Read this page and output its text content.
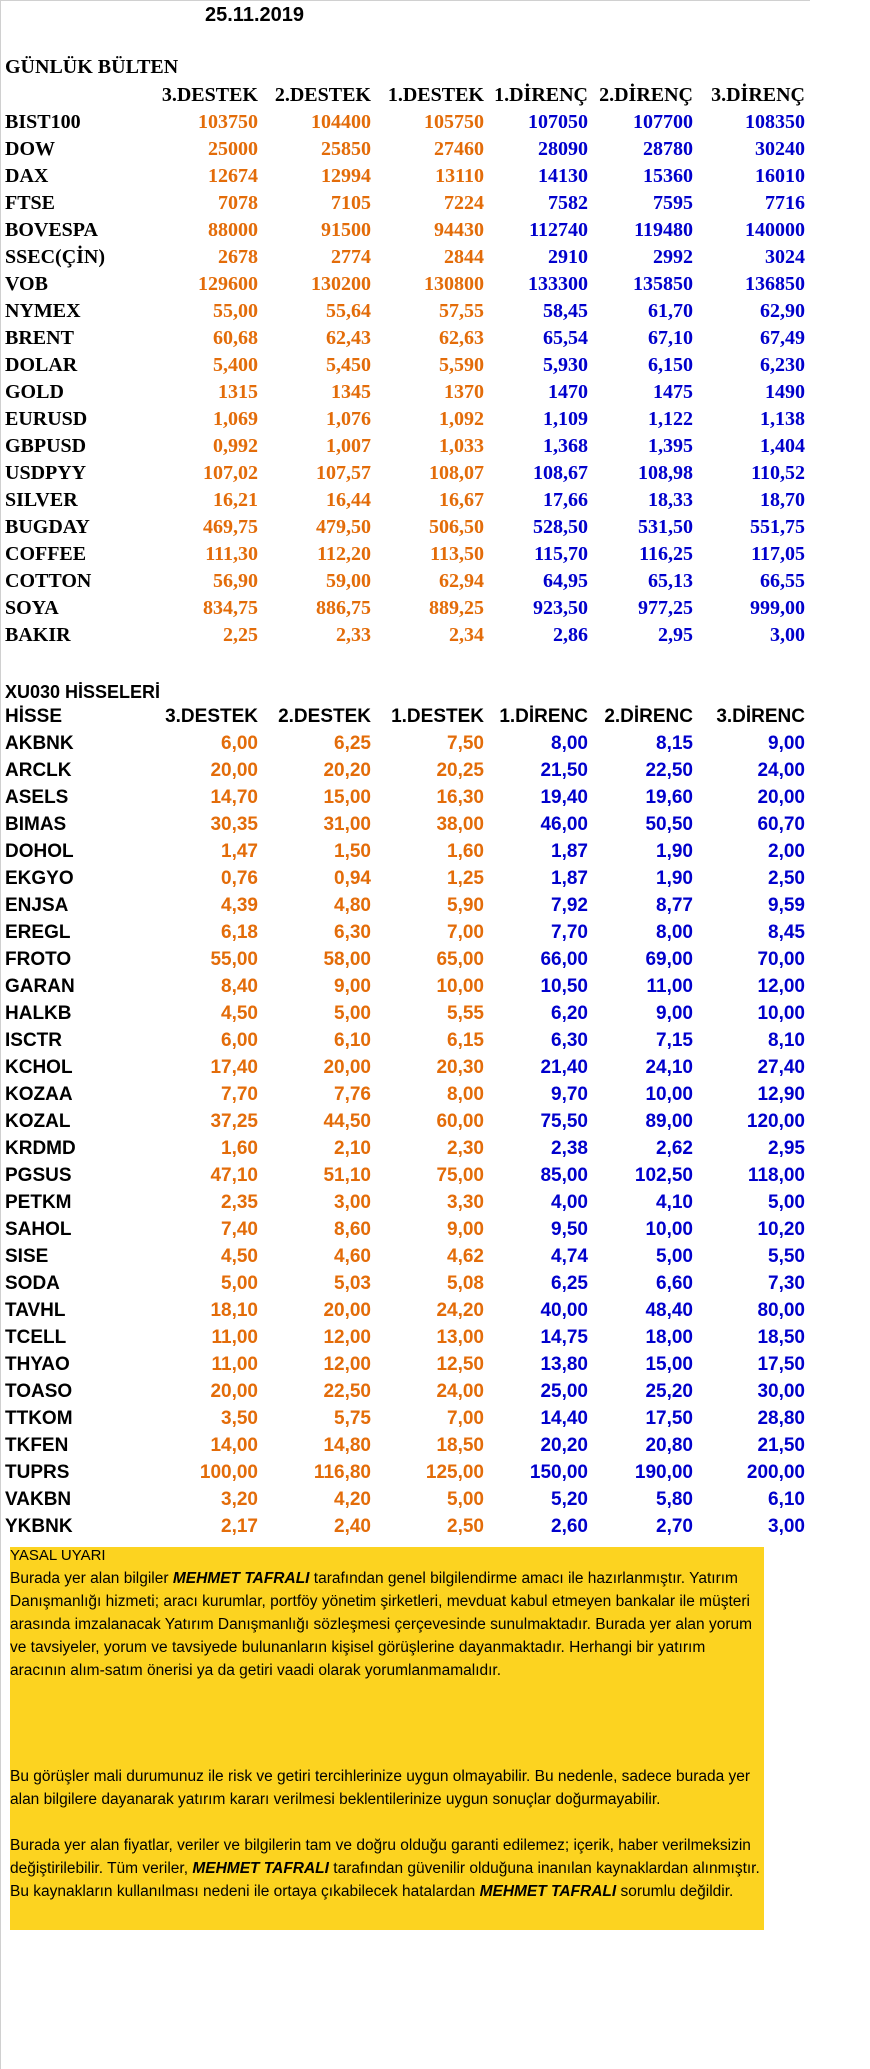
25.11.2019
GÜNLÜK BÜLTEN
3.DESTEK 2.DESTEK 1.DESTEK 1.DİRENÇ 2.DİRENÇ 3.DİRENÇ
BIST100	103750	104400	105750	107050	107700	108350
DOW	25000	25850	27460	28090	28780	30240
DAX	12674	12994	13110	14130	15360	16010
FTSE	7078	7105	7224	7582	7595	7716
BOVESPA	88000	91500	94430	112740	119480	140000
SSEC(ÇİN)	2678	2774	2844	2910	2992	3024
VOB	129600	130200	130800	133300	135850	136850
NYMEX	55,00	55,64	57,55	58,45	61,70	62,90
BRENT	60,68	62,43	62,63	65,54	67,10	67,49
DOLAR	5,400	5,450	5,590	5,930	6,150	6,230
GOLD	1315	1345	1370	1470	1475	1490
EURUSD	1,069	1,076	1,092	1,109	1,122	1,138
GBPUSD	0,992	1,007	1,033	1,368	1,395	1,404
USDPYY	107,02	107,57	108,07	108,67	108,98	110,52
SILVER	16,21	16,44	16,67	17,66	18,33	18,70
BUGDAY	469,75	479,50	506,50	528,50	531,50	551,75
COFFEE	111,30	112,20	113,50	115,70	116,25	117,05
COTTON	56,90	59,00	62,94	64,95	65,13	66,55
SOYA	834,75	886,75	889,25	923,50	977,25	999,00
BAKIR	2,25	2,33	2,34	2,86	2,95	3,00
XU030 HİSSELERİ
HİSSE	3.DESTEK	2.DESTEK	1.DESTEK 1.DİRENC 2.DİRENC	3.DİRENC
AKBNK	6,00	6,25	7,50	8,00	8,15	9,00
ARCLK	20,00	20,20	20,25	21,50	22,50	24,00
ASELS	14,70	15,00	16,30	19,40	19,60	20,00
BIMAS	30,35	31,00	38,00	46,00	50,50	60,70
DOHOL	1,47	1,50	1,60	1,87	1,90	2,00
EKGYO	0,76	0,94	1,25	1,87	1,90	2,50
ENJSA	4,39	4,80	5,90	7,92	8,77	9,59
EREGL	6,18	6,30	7,00	7,70	8,00	8,45
FROTO	55,00	58,00	65,00	66,00	69,00	70,00
GARAN	8,40	9,00	10,00	10,50	11,00	12,00
HALKB	4,50	5,00	5,55	6,20	9,00	10,00
ISCTR	6,00	6,10	6,15	6,30	7,15	8,10
KCHOL	17,40	20,00	20,30	21,40	24,10	27,40
KOZAA	7,70	7,76	8,00	9,70	10,00	12,90
KOZAL	37,25	44,50	60,00	75,50	89,00	120,00
KRDMD	1,60	2,10	2,30	2,38	2,62	2,95
PGSUS	47,10	51,10	75,00	85,00	102,50	118,00
PETKM	2,35	3,00	3,30	4,00	4,10	5,00
SAHOL	7,40	8,60	9,00	9,50	10,00	10,20
SISE	4,50	4,60	4,62	4,74	5,00	5,50
SODA	5,00	5,03	5,08	6,25	6,60	7,30
TAVHL	18,10	20,00	24,20	40,00	48,40	80,00
TCELL	11,00	12,00	13,00	14,75	18,00	18,50
THYAO	11,00	12,00	12,50	13,80	15,00	17,50
TOASO	20,00	22,50	24,00	25,00	25,20	30,00
TTKOM	3,50	5,75	7,00	14,40	17,50	28,80
TKFEN	14,00	14,80	18,50	20,20	20,80	21,50
TUPRS	100,00	116,80	125,00	150,00	190,00	200,00
VAKBN	3,20	4,20	5,00	5,20	5,80	6,10
YKBNK	2,17	2,40	2,50	2,60	2,70	3,00
YASAL UYARI

Burada yer alan bilgiler MEHMET TAFRALI tarafından genel bilgilendirme amacı ile hazırlanmıştır. Yatırım Danışmanlığı hizmeti; aracı kurumlar, portföy yönetim şirketleri, mevduat kabul etmeyen bankalar ile müşteri arasında imzalanacak Yatırım Danışmanlığı sözleşmesi çerçevesinde sunulmaktadır. Burada yer alan yorum ve tavsiyeler, yorum ve tavsiyede bulunanların kişisel görüşlerine dayanmaktadır. Herhangi bir yatırım aracının alım-satım önerisi ya da getiri vaadi olarak yorumlanmamalıdır.

Bu görüşler mali durumunuz ile risk ve getiri tercihlerinize uygun olmayabilir. Bu nedenle, sadece burada yer alan bilgilere dayanarak yatırım kararı verilmesi beklentilerinize uygun sonuçlar doğurmayabilir.

Burada yer alan fiyatlar, veriler ve bilgilerin tam ve doğru olduğu garanti edilemez; içerik, haber verilmeksizin değiştirilebilir. Tüm veriler, MEHMET TAFRALI tarafından güvenilir olduğuna inanılan kaynaklardan alınmıştır. Bu kaynakların kullanılması nedeni ile ortaya çıkabilecek hatalardan MEHMET TAFRALI sorumlu değildir.
